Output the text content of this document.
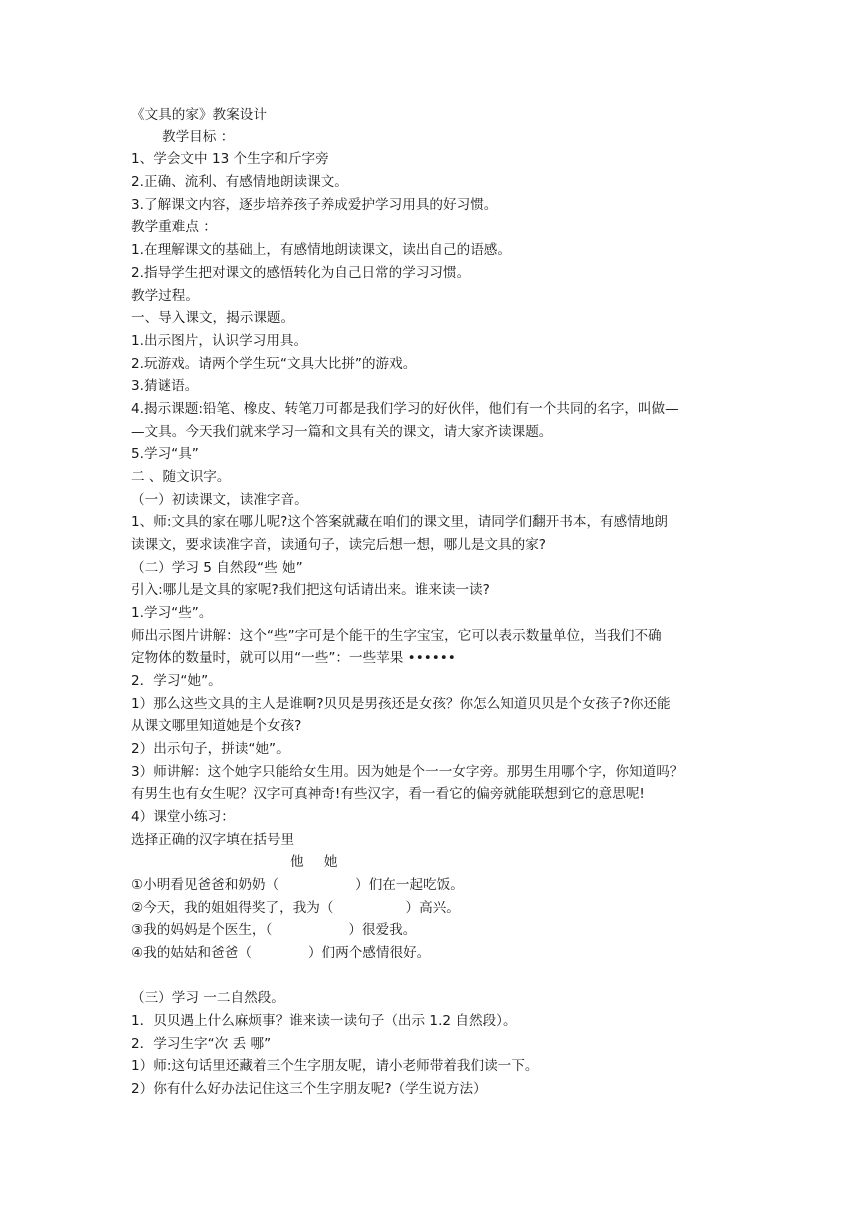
《文具的家》教案设计
教学目标 ：
1、学会文中 13 个生字和斤字旁
2.正确、流利、有感情地朗读课文。
3.了解课文内容，逐步培养孩子养成爱护学习用具的好习惯。
教学重难点 ：
1.在理解课文的基础上，有感情地朗读课文，读出自己的语感。
2.指导学生把对课文的感悟转化为自己日常的学习习惯。
教学过程。
一、导入课文，揭示课题。
1.出示图片，认识学习用具。
2.玩游戏。请两个学生玩“文具大比拼”的游戏。
3.猜谜语。
4.揭示课题:铅笔、橡皮、转笔刀可都是我们学习的好伙伴，他们有一个共同的名字，叫做—
—文具。今天我们就来学习一篇和文具有关的课文，请大家齐读课题。
5.学习“具”
二 、随文识字。
（一）初读课文，读准字音。
1、师:文具的家在哪儿呢?这个答案就藏在咱们的课文里，请同学们翻开书本，有感情地朗
读课文，要求读准字音，读通句子，读完后想一想，哪儿是文具的家?
（二）学习 5 自然段“些 她”
引入:哪儿是文具的家呢?我们把这句话请出来。谁来读一读?
1.学习“些”。
师出示图片讲解：这个“些”字可是个能干的生字宝宝，它可以表示数量单位，当我们不确
定物体的数量时，就可以用“一些”：一些苹果 ••••••
2．学习“她”。
1）那么这些文具的主人是谁啊?贝贝是男孩还是女孩？你怎么知道贝贝是个女孩子?你还能
从课文哪里知道她是个女孩?
2）出示句子，拼读“她”。
3）师讲解：这个她字只能给女生用。因为她是个一一女字旁。那男生用哪个字，你知道吗？
有男生也有女生呢？汉字可真神奇!有些汉字，看一看它的偏旁就能联想到它的意思呢!
4）课堂小练习：
选择正确的汉字填在括号里
他 她
①小明看见爸爸和奶奶（	）们在一起吃饭。
②今天，我的姐姐得奖了，我为（	）高兴。
③我的妈妈是个医生，（	）很爱我。
④我的姑姑和爸爸（	）们两个感情很好。
（三）学习 一二自然段。
1．贝贝遇上什么麻烦事？谁来读一读句子（出示 1.2 自然段）。
2．学习生字“次 丢 哪”
1）师:这句话里还藏着三个生字朋友呢，请小老师带着我们读一下。
2）你有什么好办法记住这三个生字朋友呢?（学生说方法）
